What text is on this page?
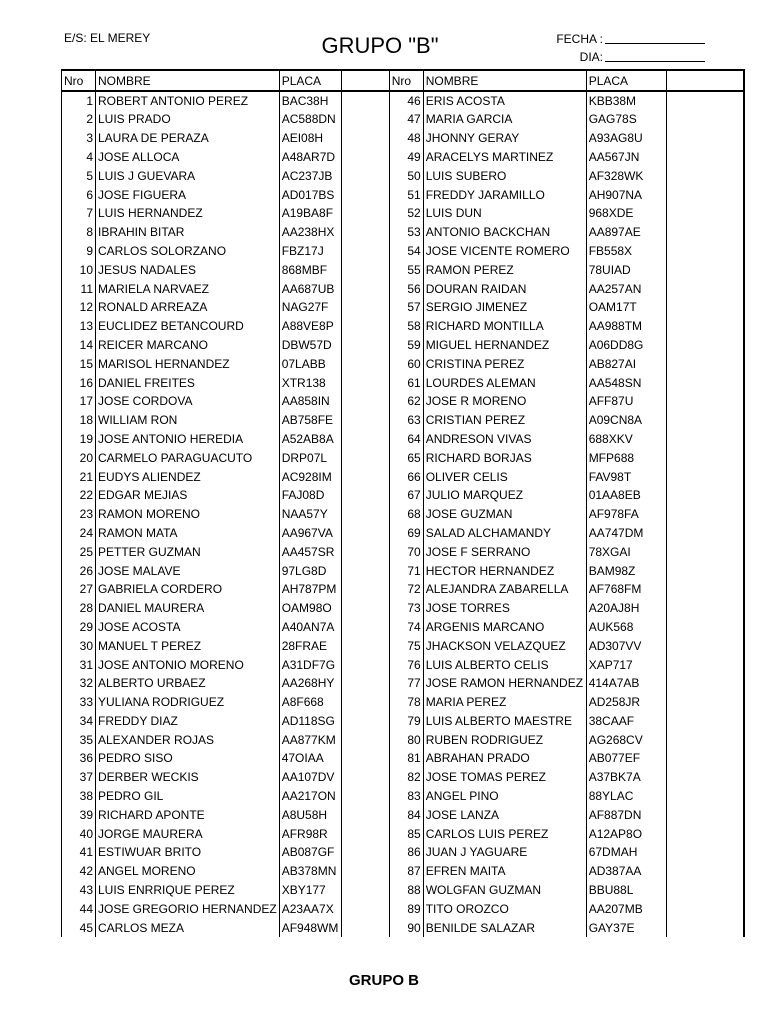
E/S: EL MEREY	GRUPO "B"	FECHA :
DIA:
Nro	NOMBRE	PLACA		Nro	NOMBRE	PLACA	
1	ROBERT ANTONIO PEREZ	BAC38H		46	ERIS ACOSTA	KBB38M	
2	LUIS PRADO	AC588DN		47	MARIA GARCIA	GAG78S	
3	LAURA DE PERAZA	AEI08H		48	JHONNY GERAY	A93AG8U	
4	JOSE ALLOCA	A48AR7D		49	ARACELYS MARTINEZ	AA567JN	
5	LUIS J GUEVARA	AC237JB		50	LUIS SUBERO	AF328WK	
6	JOSE FIGUERA	AD017BS		51	FREDDY JARAMILLO	AH907NA	
7	LUIS HERNANDEZ	A19BA8F		52	LUIS DUN	968XDE	
8	IBRAHIN BITAR	AA238HX		53	ANTONIO BACKCHAN	AA897AE	
9	CARLOS SOLORZANO	FBZ17J		54	JOSE VICENTE ROMERO	FB558X	
10	JESUS NADALES	868MBF		55	RAMON PEREZ	78UIAD	
11	MARIELA NARVAEZ	AA687UB		56	DOURAN RAIDAN	AA257AN	
12	RONALD ARREAZA	NAG27F		57	SERGIO JIMENEZ	OAM17T	
13	EUCLIDEZ BETANCOURD	A88VE8P		58	RICHARD MONTILLA	AA988TM	
14	REICER MARCANO	DBW57D		59	MIGUEL HERNANDEZ	A06DD8G	
15	MARISOL HERNANDEZ	07LABB		60	CRISTINA PEREZ	AB827AI	
16	DANIEL FREITES	XTR138		61	LOURDES ALEMAN	AA548SN	
17	JOSE CORDOVA	AA858IN		62	JOSE R MORENO	AFF87U	
18	WILLIAM RON	AB758FE		63	CRISTIAN PEREZ	A09CN8A	
19	JOSE ANTONIO HEREDIA	A52AB8A		64	ANDRESON VIVAS	688XKV	
20	CARMELO PARAGUACUTO	DRP07L		65	RICHARD BORJAS	MFP688	
21	EUDYS ALIENDEZ	AC928IM		66	OLIVER CELIS	FAV98T	
22	EDGAR MEJIAS	FAJ08D		67	JULIO MARQUEZ	01AA8EB	
23	RAMON MORENO	NAA57Y		68	JOSE GUZMAN	AF978FA	
24	RAMON MATA	AA967VA		69	SALAD ALCHAMANDY	AA747DM	
25	PETTER GUZMAN	AA457SR		70	JOSE F SERRANO	78XGAI	
26	JOSE MALAVE	97LG8D		71	HECTOR HERNANDEZ	BAM98Z	
27	GABRIELA CORDERO	AH787PM		72	ALEJANDRA ZABARELLA	AF768FM	
28	DANIEL MAURERA	OAM98O		73	JOSE TORRES	A20AJ8H	
29	JOSE ACOSTA	A40AN7A		74	ARGENIS MARCANO	AUK568	
30	MANUEL T PEREZ	28FRAE		75	JHACKSON VELAZQUEZ	AD307VV	
31	JOSE ANTONIO MORENO	A31DF7G		76	LUIS ALBERTO CELIS	XAP717	
32	ALBERTO URBAEZ	AA268HY		77	JOSE RAMON HERNANDEZ	414A7AB	
33	YULIANA RODRIGUEZ	A8F668		78	MARIA PEREZ	AD258JR	
34	FREDDY DIAZ	AD118SG		79	LUIS ALBERTO MAESTRE	38CAAF	
35	ALEXANDER ROJAS	AA877KM		80	RUBEN RODRIGUEZ	AG268CV	
36	PEDRO SISO	47OIAA		81	ABRAHAN PRADO	AB077EF	
37	DERBER WECKIS	AA107DV		82	JOSE TOMAS PEREZ	A37BK7A	
38	PEDRO GIL	AA217ON		83	ANGEL PINO	88YLAC	
39	RICHARD APONTE	A8U58H		84	JOSE LANZA	AF887DN	
40	JORGE MAURERA	AFR98R		85	CARLOS LUIS PEREZ	A12AP8O	
41	ESTIWUAR BRITO	AB087GF		86	JUAN J YAGUARE	67DMAH	
42	ANGEL MORENO	AB378MN		87	EFREN MAITA	AD387AA	
43	LUIS ENRRIQUE PEREZ	XBY177		88	WOLGFAN GUZMAN	BBU88L	
44	JOSE GREGORIO HERNANDEZ	A23AA7X		89	TITO OROZCO	AA207MB	
45	CARLOS MEZA	AF948WM		90	BENILDE SALAZAR	GAY37E	
GRUPO B
